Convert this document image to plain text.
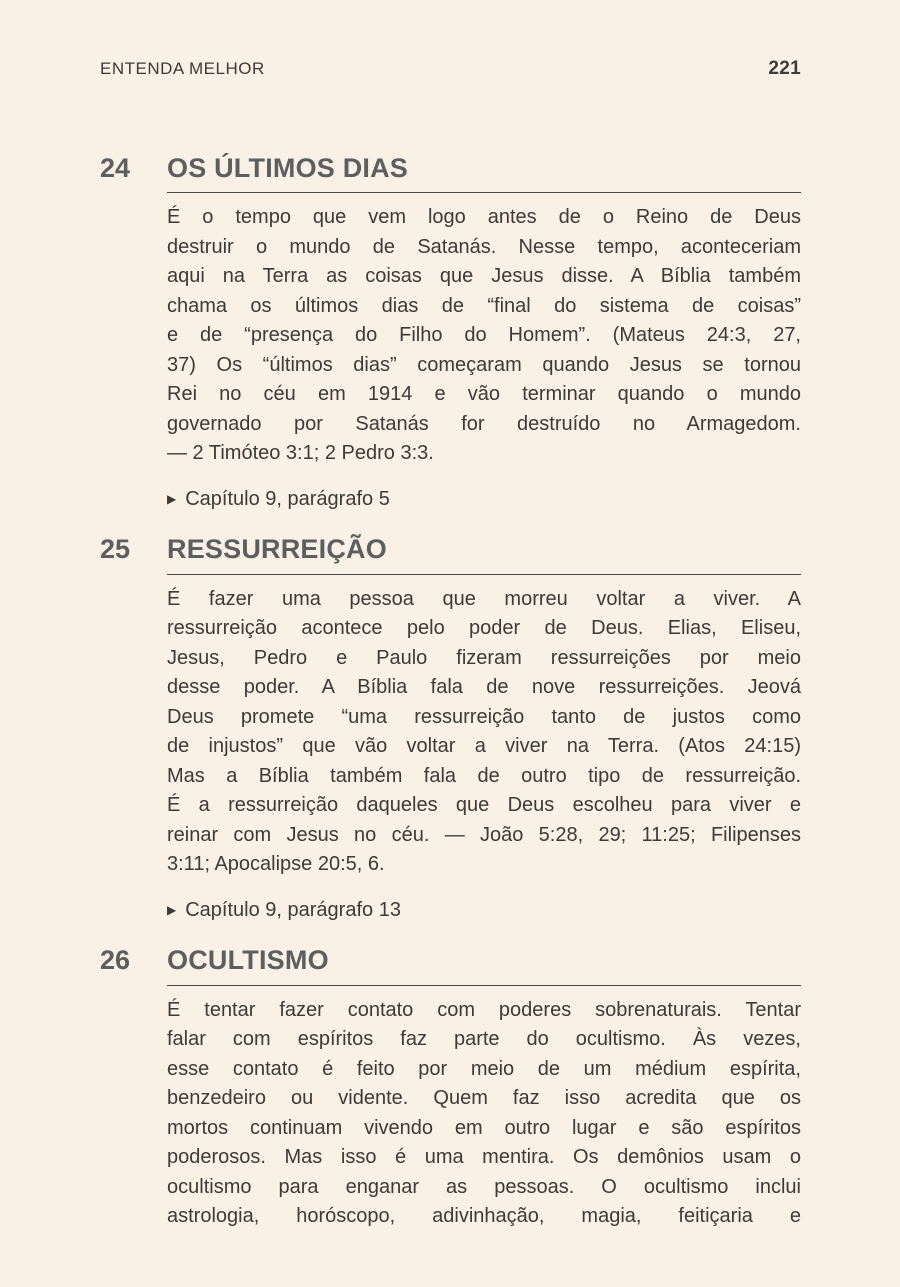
ENTENDA MELHOR	221
24	OS ÚLTIMOS DIAS
É o tempo que vem logo antes de o Reino de Deus
destruir o mundo de Satanás. Nesse tempo, aconteceriam
aqui na Terra as coisas que Jesus disse. A Bíblia também
chama os últimos dias de “final do sistema de coisas”
e de “presença do Filho do Homem”. (Mateus 24:3, 27,
37) Os “últimos dias” começaram quando Jesus se tornou
Rei no céu em 1914 e vão terminar quando o mundo
governado por Satanás for destruído no Armagedom.
— 2 Timóteo 3:1; 2 Pedro 3:3.
▶ Capítulo 9, parágrafo 5
25	RESSURREIÇÃO
É fazer uma pessoa que morreu voltar a viver. A
ressurreição acontece pelo poder de Deus. Elias, Eliseu,
Jesus, Pedro e Paulo fizeram ressurreições por meio
desse poder. A Bíblia fala de nove ressurreições. Jeová
Deus promete “uma ressurreição tanto de justos como
de injustos” que vão voltar a viver na Terra. (Atos 24:15)
Mas a Bíblia também fala de outro tipo de ressurreição.
É a ressurreição daqueles que Deus escolheu para viver e
reinar com Jesus no céu. — João 5:28, 29; 11:25; Filipenses
3:11; Apocalipse 20:5, 6.
▶ Capítulo 9, parágrafo 13
26	OCULTISMO
É tentar fazer contato com poderes sobrenaturais. Tentar
falar com espíritos faz parte do ocultismo. Às vezes,
esse contato é feito por meio de um médium espírita,
benzedeiro ou vidente. Quem faz isso acredita que os
mortos continuam vivendo em outro lugar e são espíritos
poderosos. Mas isso é uma mentira. Os demônios usam o
ocultismo para enganar as pessoas. O ocultismo inclui
astrologia, horóscopo, adivinhação, magia, feitiçaria e
